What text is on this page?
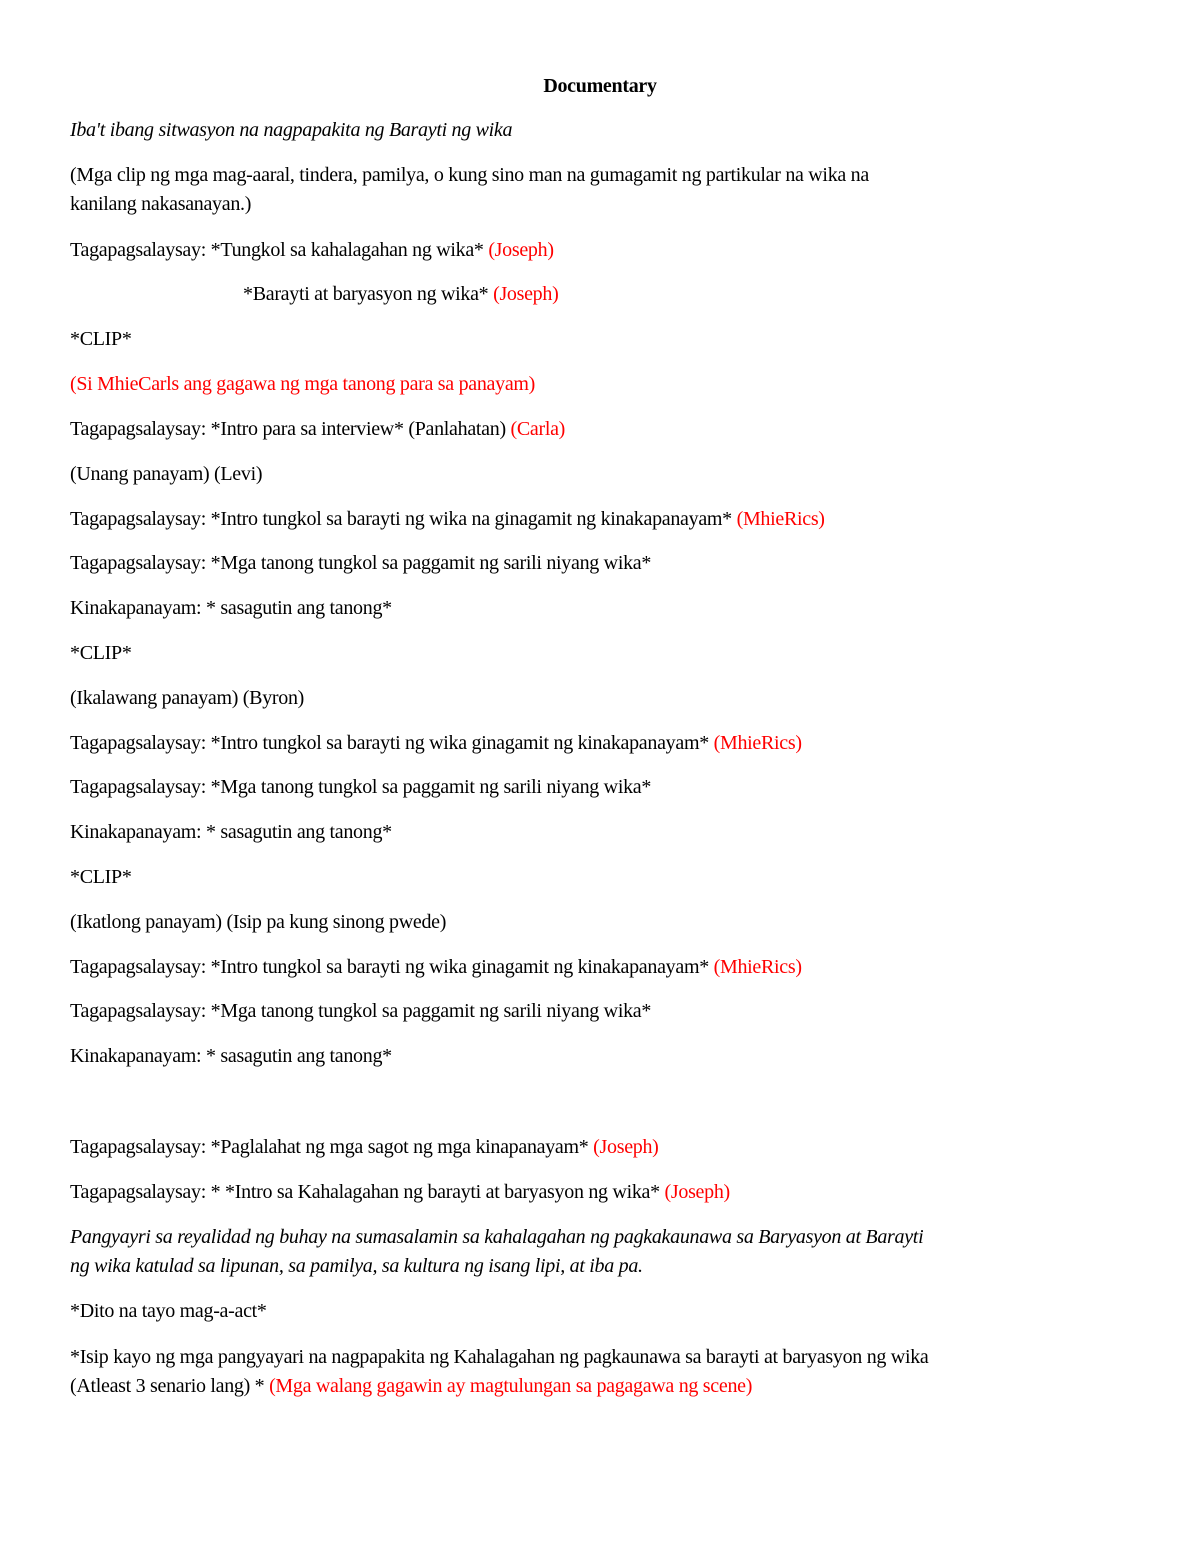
Documentary
Iba't ibang sitwasyon na nagpapakita ng Barayti ng wika
(Mga clip ng mga mag-aaral, tindera, pamilya, o kung sino man na gumagamit ng partikular na wika na
kanilang nakasanayan.)
Tagapagsalaysay: *Tungkol sa kahalagahan ng wika* (Joseph)
*Barayti at baryasyon ng wika* (Joseph)
*CLIP*
(Si MhieCarls ang gagawa ng mga tanong para sa panayam)
Tagapagsalaysay: *Intro para sa interview* (Panlahatan) (Carla)
(Unang panayam) (Levi)
Tagapagsalaysay: *Intro tungkol sa barayti ng wika na ginagamit ng kinakapanayam* (MhieRics)
Tagapagsalaysay: *Mga tanong tungkol sa paggamit ng sarili niyang wika*
Kinakapanayam: * sasagutin ang tanong*
*CLIP*
(Ikalawang panayam) (Byron)
Tagapagsalaysay: *Intro tungkol sa barayti ng wika ginagamit ng kinakapanayam* (MhieRics)
Tagapagsalaysay: *Mga tanong tungkol sa paggamit ng sarili niyang wika*
Kinakapanayam: * sasagutin ang tanong*
*CLIP*
(Ikatlong panayam) (Isip pa kung sinong pwede)
Tagapagsalaysay: *Intro tungkol sa barayti ng wika ginagamit ng kinakapanayam* (MhieRics)
Tagapagsalaysay: *Mga tanong tungkol sa paggamit ng sarili niyang wika*
Kinakapanayam: * sasagutin ang tanong*
Tagapagsalaysay: *Paglalahat ng mga sagot ng mga kinapanayam* (Joseph)
Tagapagsalaysay: * *Intro sa Kahalagahan ng barayti at baryasyon ng wika* (Joseph)
Pangyayri sa reyalidad ng buhay na sumasalamin sa kahalagahan ng pagkakaunawa sa Baryasyon at Barayti
ng wika katulad sa lipunan, sa pamilya, sa kultura ng isang lipi, at iba pa.
*Dito na tayo mag-a-act*
*Isip kayo ng mga pangyayari na nagpapakita ng Kahalagahan ng pagkaunawa sa barayti at baryasyon ng wika
(Atleast 3 senario lang) * (Mga walang gagawin ay magtulungan sa pagagawa ng scene)
